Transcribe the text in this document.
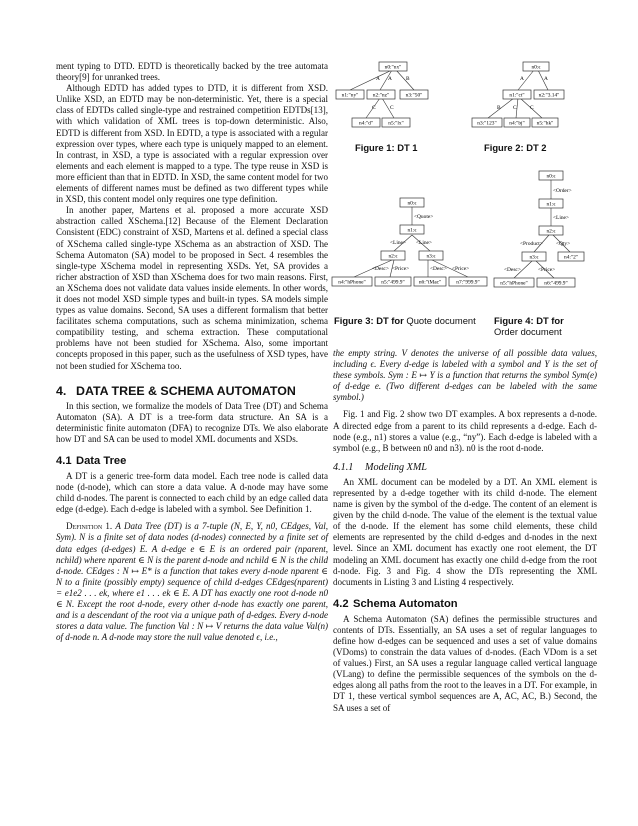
ment typing to DTD. EDTD is theoretically backed by the tree automata theory[9] for unranked trees.

Although EDTD has added types to DTD, it is different from XSD. Unlike XSD, an EDTD may be non-deterministic. Yet, there is a special class of EDTDs called single-type and restrained competition EDTDs[13], with which validation of XML trees is top-down deterministic. Also, EDTD is different from XSD. In EDTD, a type is associated with a regular expression over types, where each type is uniquely mapped to an element. In contrast, in XSD, a type is associated with a regular expression over elements and each element is mapped to a type. The type reuse in XSD is more efficient than that in EDTD. In XSD, the same content model for two elements of different names must be defined as two different types while in XSD, this content model only requires one type definition.

In another paper, Martens et al. proposed a more accurate XSD abstraction called XSchema.[12] Because of the Element Declaration Consistent (EDC) constraint of XSD, Martens et al. defined a special class of XSchema called single-type XSchema as an abstraction of XSD. The Schema Automaton (SA) model to be proposed in Sect. 4 resembles the single-type XSchema model in representing XSDs. Yet, SA provides a richer abstraction of XSD than XSchema does for two main reasons. First, an XSchema does not validate data values inside elements. In other words, it does not model XSD simple types and built-in types. SA models simple types as value domains. Second, SA uses a different formalism that better facilitates schema computations, such as schema minimization, schema compatibility testing, and schema extraction. These computational problems have not been studied for XSchema. Also, some important concepts proposed in this paper, such as the usefulness of XSD types, have not been studied for XSchema too.

4. DATA TREE & SCHEMA AUTOMATON

In this section, we formalize the models of Data Tree (DT) and Schema Automaton (SA). A DT is a tree-form data structure. An SA is a deterministic finite automaton (DFA) to recognize DTs. We also elaborate how DT and SA can be used to model XML documents and XSDs.

4.1 Data Tree

A DT is a generic tree-form data model. Each tree node is called data node (d-node), which can store a data value. A d-node may have some child d-nodes. The parent is connected to each child by an edge called data edge (d-edge). Each d-edge is labeled with a symbol. See Definition 1.

Definition 1. A Data Tree (DT) is a 7-tuple (N, E, Y, n0, CEdges, Val, Sym). N is a finite set of data nodes (d-nodes) connected by a finite set of data edges (d-edges) E. A d-edge e ∈ E is an ordered pair (nparent, nchild) where nparent ∈ N is the parent d-node and nchild ∈ N is the child d-node. CEdges : N ↦ E* is a function that takes every d-node nparent ∈ N to a finite (possibly empty) sequence of child d-edges CEdges(nparent) = e1e2 . . . ek, where e1 . . . ek ∈ E. A DT has exactly one root d-node n0 ∈ N. Except the root d-node, every other d-node has exactly one parent, and is a descendant of the root via a unique path of d-edges. Every d-node stores a data value. The function Val : N ↦ V returns the data value Val(n) of d-node n. A d-node may store the null value denoted ϵ, i.e.,

A A	B
C	C
n0:"nx"
n1:"ny"	n2:"nz"	n3:"50"
n4:"d"	n5:"lx"
A	A
B C C
n0:ϵ
n1:"ct"	n2:"3.14"
n3:"123" n4:"bj" n5:"hk"
Figure 1: DT 1	Figure 2: DT 2
<Quote>
<Line> <Line>
<Desc> <Price>	<Desc> <Price>
n0:ϵ
n1:ϵ
n2:ϵ	n3:ϵ
n4:"hPhone"	n5:"499.9"	n6:"iMac"	n7:"999.9"
<Order>
<Line>
<Product> <Qty>
<Desc>	<Price>
n0:ϵ
n1:ϵ
n2:ϵ
n3:ϵ	n4:"2"
n5:"hPhone"	n6:"499.9"
Figure 3: DT for Quote document Figure 4: DT for
Order document

the empty string. V denotes the universe of all possible data values, including ϵ. Every d-edge is labeled with a symbol and Y is the set of these symbols. Sym : E ↦ Y is a function that returns the symbol Sym(e) of d-edge e. (Two different d-edges can be labeled with the same symbol.)

Fig. 1 and Fig. 2 show two DT examples. A box represents a d-node. A directed edge from a parent to its child represents a d-edge. Each d-node (e.g., n1) stores a value (e.g., “ny”). Each d-edge is labeled with a symbol (e.g., B between n0 and n3). n0 is the root d-node.

4.1.1 Modeling XML

An XML document can be modeled by a DT. An XML element is represented by a d-edge together with its child d-node. The element name is given by the symbol of the d-edge. The content of an element is given by the child d-node. The value of the element is the textual value of the d-node. If the element has some child elements, these child elements are represented by the child d-edges and d-nodes in the next level. Since an XML document has exactly one root element, the DT modeling an XML document has exactly one child d-edge from the root d-node. Fig. 3 and Fig. 4 show the DTs representing the XML documents in Listing 3 and Listing 4 respectively.

4.2 Schema Automaton

A Schema Automaton (SA) defines the permissible structures and contents of DTs. Essentially, an SA uses a set of regular languages to define how d-edges can be sequenced and uses a set of value domains (VDoms) to constrain the data values of d-nodes. (Each VDom is a set of values.) First, an SA uses a regular language called vertical language (VLang) to define the permissible sequences of the symbols on the d-edges along all paths from the root to the leaves in a DT. For example, in DT 1, these vertical symbol sequences are A, AC, AC, B.) Second, the SA uses a set of
